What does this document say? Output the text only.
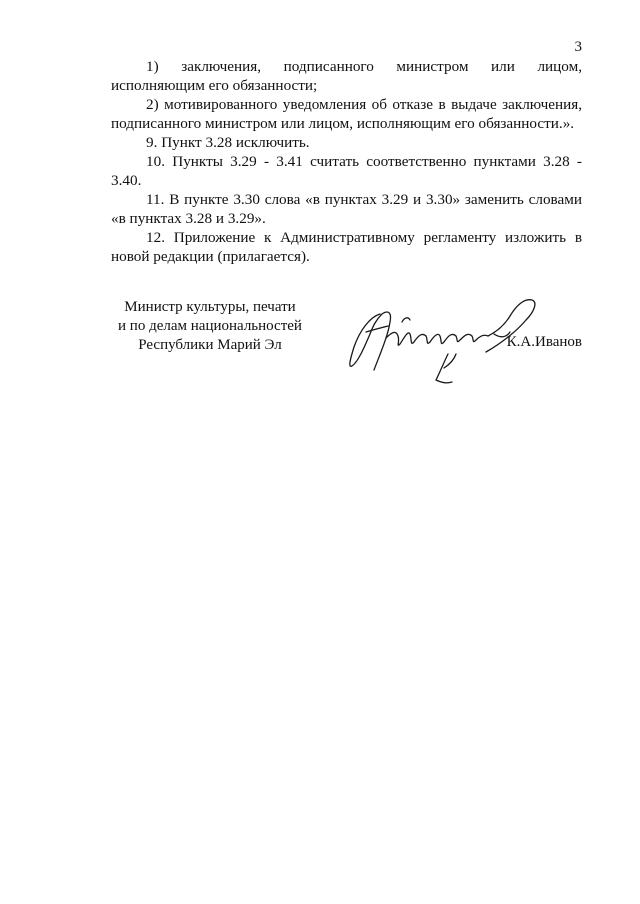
3

1) заключения, подписанного министром или лицом, исполняющим его обязанности;

2) мотивированного уведомления об отказе в выдаче заключения, подписанного министром или лицом, исполняющим его обязанности.».

9. Пункт 3.28 исключить.

10. Пункты 3.29 - 3.41 считать соответственно пунктами 3.28 - 3.40.

11. В пункте 3.30 слова «в пунктах 3.29 и 3.30» заменить словами «в пунктах 3.28 и 3.29».

12. Приложение к Административному регламенту изложить в новой редакции (прилагается).

Министр культуры, печати
и по делам национальностей
Республики Марий Эл	К.А.Иванов
